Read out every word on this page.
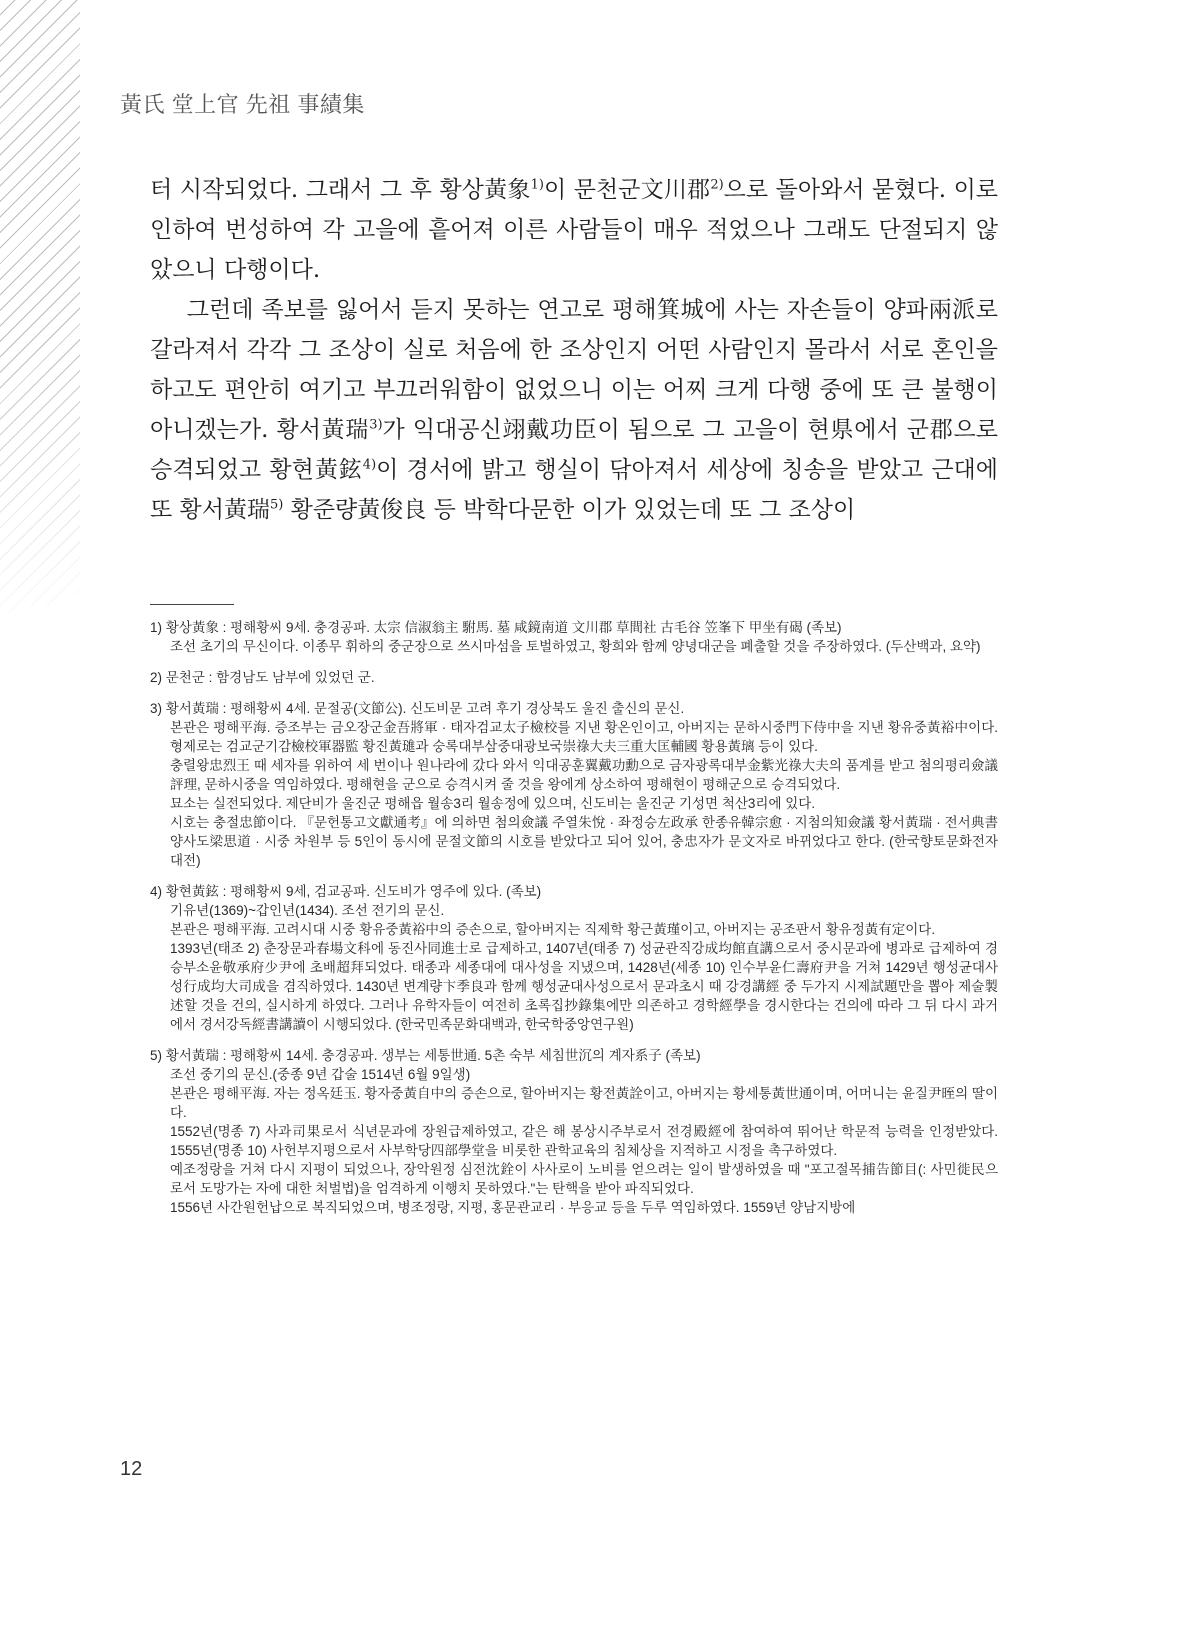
黃氏 堂上官 先祖 事績集

터 시작되었다. 그래서 그 후 황상黃象$^{1)}$이 문천군文川郡$^{2)}$으로 돌아와서 묻혔다. 이로 인하여 번성하여 각 고을에 흩어져 이른 사람들이 매우 적었으나 그래도 단절되지 않았으니 다행이다.

그런데 족보를 잃어서 듣지 못하는 연고로 평해箕城에 사는 자손들이 양파兩派로 갈라져서 각각 그 조상이 실로 처음에 한 조상인지 어떤 사람인지 몰라서 서로 혼인을 하고도 편안히 여기고 부끄러워함이 없었으니 이는 어찌 크게 다행 중에 또 큰 불행이 아니겠는가. 황서黃瑞$^{3)}$가 익대공신翊戴功臣이 됨으로 그 고을이 현県에서 군郡으로 승격되었고 황현黃鉉$^{4)}$이 경서에 밝고 행실이 닦아져서 세상에 칭송을 받았고 근대에 또 황서黃瑞$^{5)}$ 황준량黃俊良 등 박학다문한 이가 있었는데 또 그 조상이

1) 황상黃象 : 평해황씨 9세. 충경공파. 太宗 信淑翁主 駙馬. 墓 咸鏡南道 文川郡 草間社 古毛谷 笠峯下 甲坐有碣 (족보)

조선 초기의 무신이다. 이종무 휘하의 중군장으로 쓰시마섬을 토벌하였고, 황희와 함께 양녕대군을 폐출할 것을 주장하였다. (두산백과, 요약)

2) 문천군 : 함경남도 남부에 있었던 군.

3) 황서黃瑞 : 평해황씨 4세. 문절공(文節公). 신도비문 고려 후기 경상북도 울진 출신의 문신.

본관은 평해平海. 증조부는 금오장군金吾將軍 · 태자검교太子檢校를 지낸 황온인이고, 아버지는 문하시중門下侍中을 지낸 황유중黃裕中이다. 형제로는 검교군기감檢校軍器監 황진黃璡과 숭록대부삼중대광보국崇祿大夫三重大匡輔國 황용黃璃 등이 있다.

충렬왕忠烈王 때 세자를 위하여 세 번이나 원나라에 갔다 와서 익대공훈翼戴功勳으로 금자광록대부金紫光祿大夫의 품계를 받고 첨의평리僉議評理, 문하시중을 역임하였다. 평해현을 군으로 승격시켜 줄 것을 왕에게 상소하여 평해현이 평해군으로 승격되었다.

묘소는 실전되었다. 제단비가 울진군 평해읍 월송3리 월송정에 있으며, 신도비는 울진군 기성면 척산3리에 있다.

시호는 충절忠節이다. 『문헌통고文獻通考』에 의하면 첨의僉議 주열朱悅 · 좌정승左政承 한종유韓宗愈 · 지첨의知僉議 황서黃瑞 · 전서典書 양사도梁思道 · 시중 차원부 등 5인이 동시에 문절文節의 시호를 받았다고 되어 있어, 충忠자가 문文자로 바뀌었다고 한다. (한국향토문화전자대전)

4) 황현黃鉉 : 평해황씨 9세, 검교공파. 신도비가 영주에 있다. (족보)

기유년(1369)~갑인년(1434). 조선 전기의 문신.

본관은 평해平海. 고려시대 시중 황유중黃裕中의 증손으로, 할아버지는 직제학 황근黃瑾이고, 아버지는 공조판서 황유정黃有定이다.

1393년(태조 2) 춘장문과春場文科에 동진사同進士로 급제하고, 1407년(태종 7) 성균관직강成均館直講으로서 중시문과에 병과로 급제하여 경승부소윤敬承府少尹에 초배超拜되었다. 태종과 세종대에 대사성을 지냈으며, 1428년(세종 10) 인수부윤仁壽府尹을 거쳐 1429년 행성균대사성行成均大司成을 겸직하였다. 1430년 변계량卞季良과 함께 행성균대사성으로서 문과초시 때 강경講經 중 두가지 시제試題만을 뽑아 제술製述할 것을 건의, 실시하게 하였다. 그러나 유학자들이 여전히 초록집抄錄集에만 의존하고 경학經學을 경시한다는 건의에 따라 그 뒤 다시 과거에서 경서강독經書講讀이 시행되었다. (한국민족문화대백과, 한국학중앙연구원)

5) 황서黃瑞 : 평해황씨 14세. 충경공파. 생부는 세통世通. 5촌 숙부 세침世沉의 계자系子 (족보)

조선 중기의 문신.(중종 9년 갑술 1514년 6월 9일생)

본관은 평해平海. 자는 정옥廷玉. 황자중黃自中의 증손으로, 할아버지는 황전黃詮이고, 아버지는 황세통黃世通이며, 어머니는 윤질尹晊의 딸이다.

1552년(명종 7) 사과司果로서 식년문과에 장원급제하였고, 같은 해 봉상시주부로서 전경殿經에 참여하여 뛰어난 학문적 능력을 인정받았다. 1555년(명종 10) 사헌부지평으로서 사부학당四部學堂을 비롯한 관학교육의 침체상을 지적하고 시정을 촉구하였다.

예조정랑을 거쳐 다시 지평이 되었으나, 장악원정 심전沈銓이 사사로이 노비를 얻으려는 일이 발생하였을 때 "포고절목捕告節目(: 사민徙民으로서 도망가는 자에 대한 처벌법)을 엄격하게 이행치 못하였다."는 탄핵을 받아 파직되었다.

1556년 사간원헌납으로 복직되었으며, 병조정랑, 지평, 홍문관교리 · 부응교 등을 두루 역임하였다. 1559년 양남지방에

12
